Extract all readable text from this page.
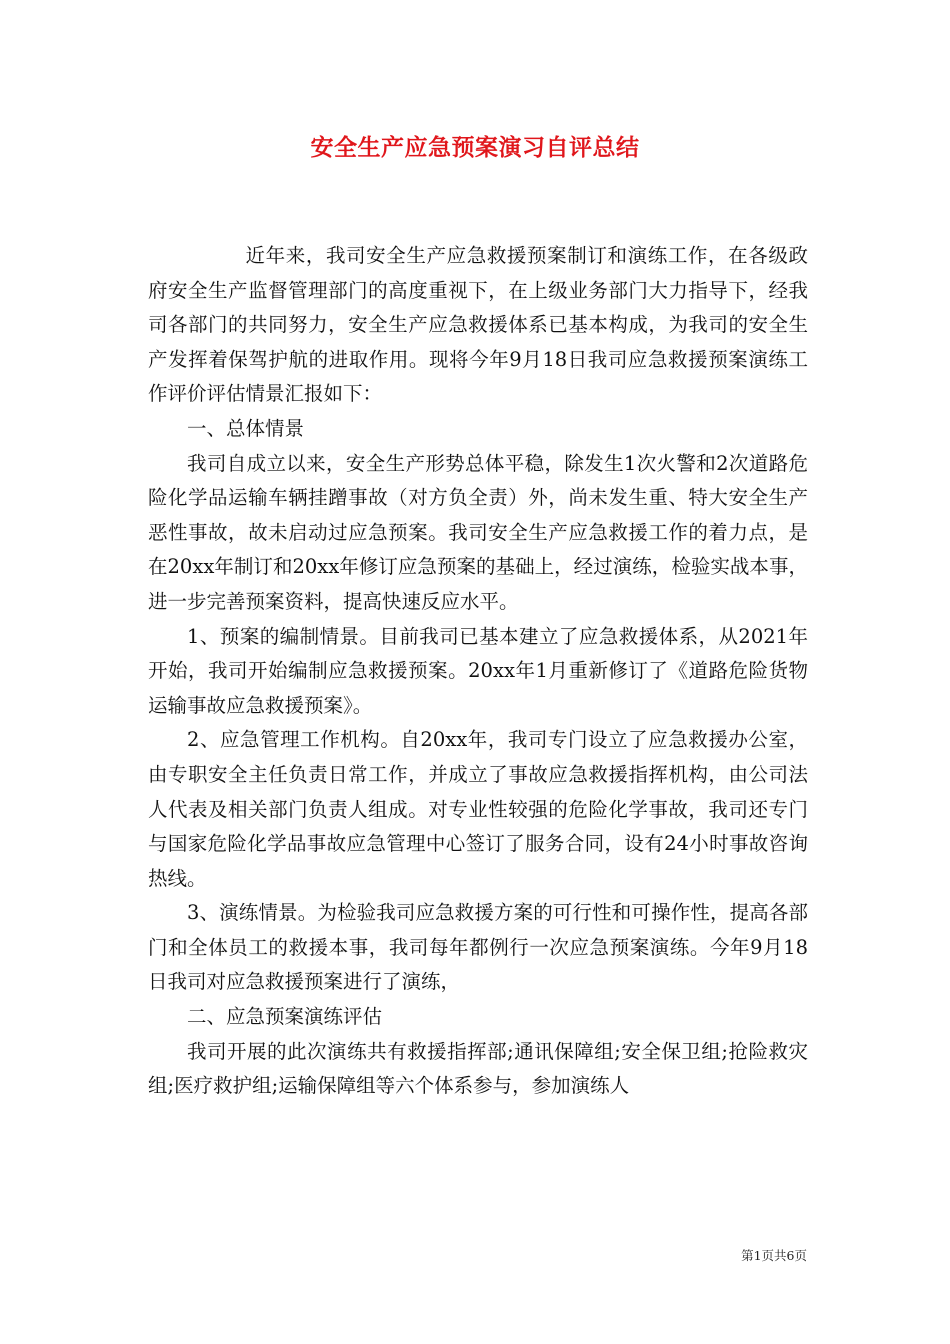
安全生产应急预案演习自评总结

近年来，我司安全生产应急救援预案制订和演练工作，在各级政府安全生产监督管理部门的高度重视下，在上级业务部门大力指导下，经我司各部门的共同努力，安全生产应急救援体系已基本构成，为我司的安全生产发挥着保驾护航的进取作用。现将今年9月18日我司应急救援预案演练工作评价评估情景汇报如下：

一、总体情景

我司自成立以来，安全生产形势总体平稳，除发生1次火警和2次道路危险化学品运输车辆挂蹭事故（对方负全责）外，尚未发生重、特大安全生产恶性事故，故未启动过应急预案。我司安全生产应急救援工作的着力点，是在20xx年制订和20xx年修订应急预案的基础上，经过演练，检验实战本事，进一步完善预案资料，提高快速反应水平。

1、预案的编制情景。目前我司已基本建立了应急救援体系，从2021年开始，我司开始编制应急救援预案。20xx年1月重新修订了《道路危险货物运输事故应急救援预案》。

2、应急管理工作机构。自20xx年，我司专门设立了应急救援办公室，由专职安全主任负责日常工作，并成立了事故应急救援指挥机构，由公司法人代表及相关部门负责人组成。对专业性较强的危险化学事故，我司还专门与国家危险化学品事故应急管理中心签订了服务合同，设有24小时事故咨询热线。

3、演练情景。为检验我司应急救援方案的可行性和可操作性，提高各部门和全体员工的救援本事，我司每年都例行一次应急预案演练。今年9月18日我司对应急救援预案进行了演练，

二、应急预案演练评估

我司开展的此次演练共有救援指挥部;通讯保障组;安全保卫组;抢险救灾组;医疗救护组;运输保障组等六个体系参与，参加演练人

第1页共6页
